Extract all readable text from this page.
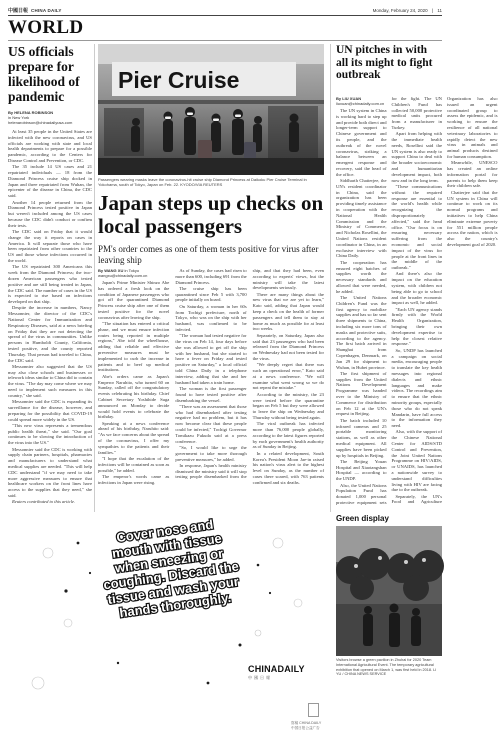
中國日報 CHINA DAILY	Monday, February 24, 2020 | 11
WORLD
US officials prepare for likelihood of pandemic
By HELENA ROBINSON
in New York
helenarobinson@chinadailyusa.com

At least 35 people in the United States are infected with the new coronavirus, and US officials are working with state and local health departments to prepare for a possible pandemic, according to the Centers for Disease Control and Prevention, or CDC.

The 35 include 14 US cases and 21 repatriated individuals — 18 from the Diamond Princess cruise ship docked in Japan and three repatriated from Wuhan, the epicenter of the disease in China, the CDC said.

Another 14 people returned from the Diamond Princess tested positive in Japan but weren't included among the US cases because the CDC didn't conduct or confirm their tests.

The CDC said on Friday that it would change the way it reports on cases in America. It will separate those who have been repatriated from other countries to the US and those whose infections occurred in the world.

The US repatriated 300 Americans this week from the Diamond Princess; the two-dozen American passengers who tested positive and are still being treated in Japan, the CDC said. The number of cases in the US is expected to rise based on infections developed on that ship.

Despite the increase in numbers, Nancy Messonnier, the director of the CDC's National Center for Immunization and Respiratory Diseases, said at a news briefing on Friday that they are not detecting the spread of the virus in communities. Unlike persons in Humboldt County, California, tested positive, and the county reported Thursday. That person had traveled to China, the CDC said.

Messonnier also suggested that the US may also close schools and businesses or telework ideas similar to China did to contain the virus. "The day may come where we may need to implement such measures in this country," she said.

Messonnier said the CDC is expanding its surveillance for the disease, however, and preparing for the possibility that COVID-19 could spread more widely in the US.

"This new virus represents a tremendous public health threat," she said. "Our goal continues to be slowing the introduction of the virus into the US."

Messonnier said the CDC is working with supply chain partners, hospitals, pharmacies and manufacturers to understand what medical supplies are needed. "This will help CDC understand "if we may need to take more aggressive measures to ensure that healthcare workers on the front lines have access to the supplies that they need," she said.

Reuters contributed to this article.

Pier Cruise
Passengers wearing masks leave the coronavirus-hit cruise ship Diamond Princess at Daikoku Pier Cruise Terminal in Yokohama, south of Tokyo, Japan on Feb. 22. KYODO/VIA REUTERS
Japan steps up checks on local passengers
PM's order comes as one of them tests positive for virus after leaving ship
By WANG XU in Tokyo
wangxu@chinadaily.com.cn

Japan's Prime Minister Shinzo Abe has ordered a fresh look on the condition of Japanese passengers who got off the quarantined Diamond Princess cruise ship after one of them tested positive for the novel coronavirus after leaving the ship.

"The situation has entered a critical phase, and we must ensure infection routes being reported in multiple regions," Abe told the wheelhouse, adding that reliable and effective preventive measures must be implemented to curb the increase in patients and to beef up medical institutions.

Abe's orders came as Japan's Emperor Naruhito, who turned 60 on Sunday, called off the congratulatory events celebrating his birthday. Chief Cabinet Secretary Yoshihide Suga announced on Monday to decide would hold events to celebrate the birthday.

Speaking at a news conference ahead of his birthday, Naruhito said: "As we face concerns about the spread of the coronavirus, I offer my sympathies to the patients and their families."

"I hope that the escalation of the infections will be contained as soon as possible," he added.

The emperor's words came as infections in Japan were rising.

As of Sunday, the cases had risen to more than 600, including 691 from the Diamond Princess.

The cruise ship has been quarantined since Feb 5 with 3,700 people initially on board.

On Saturday, a woman in her 60s from Tochigi prefecture, north of Tokyo, who was on the ship with her husband, was confirmed to be infected.

"The woman had tested negative for the virus on Feb 14, four days before she was allowed to get off the ship with her husband, but she started to have a fever on Friday and tested positive on Saturday," a local official told China Daily in a telephone interview, adding that she and her husband had taken a train home.

The woman is the first passenger found to have tested positive after disembarking the vessel.

"There was an assessment that those who had disembarked after testing negative had no problem, but it has now become clear that these people could be infected," Tochigi Governor Tomikazu Fukuda said at a press conference.

"So, I would like to urge the government to take more thorough preventive measures," he added.

In response, Japan's health ministry dismissed the ministry said it will stop testing people disembarked from the ship, and that they had been, even according to experts' views, but the ministry will take the latest developments seriously.

There are many things about the new virus that we are yet to learn," Kato said, adding that Japan would keep a check on the health of former passengers and tell them to stay at home as much as possible for at least two weeks.

Separately, on Saturday, Japan also said that 23 passengers who had been released from the Diamond Princess on Wednesday had not been tested for the virus.

"We deeply regret that there was such an operational error," Kato said at a news conference. "We will examine what went wrong so we do not repeat the mistake."

According to the ministry, the 23 were tested before the quarantine began on Feb 5 but they were allowed to leave the ship on Wednesday and Thursday without being tested again.

The viral outbreak has infected more than 76,000 people globally, according to the latest figures reported by each government's health authority as of Sunday in Beijing.

In a related development, South Korea's President Moon Jae-in raised his nation's virus alert to the highest level on Sunday, as the number of cases there soared, with 763 patients confirmed and six deaths.

UN pitches in with all its might to fight outbreak
By LIU XUAN
liuxuan@chinadaily.com.cn

The UN system in China is working hard to step up and provide both direct and longer-term support to Chinese government and its people, and the outbreak of the novel coronavirus, striking a balance between an emergent response and recovery, said the head of the office.

Siddharth Chatterjee, the UN's resident coordinator in China, said the organization has been providing timely assistance in cooperation with the National Health Commission and the Ministry of Commerce, and Nicholas Rosellini, the United Nations resident coordinator in China, in an exclusive interview with China Daily.

The cooperation has ensured eight batches of supplies worth the necessary standards and allowed that were needed, he added.

The United Nations Children's Fund was the first agency to mobilize supplies and has so far sent three shipments to China, including six more tons of masks and protective suits, according to the agency. The first batch arrived in Shanghai from Copenhagen, Denmark, on Jan 29 for shipment to Wuhan, in Hubei province.

The first shipment of supplies from the United Nations Development Programme was handed over to the Ministry of Commerce for distribution on Feb 12 at the UN's request in Beijing.

The batch included 10 infrared cameras and 25 portable monitoring stations, as well as other medical equipment. All supplies have been picked up by hospitals in Beijing.

The Beijing Youan Hospital and Xiaotangshan Hospital — according to the UNDP.

Also, the United Nations Population Fund has donated 1,000 personal protective equipment sets for the fight. The UN Children's Fund has collected 50,000 protective medical units procured from a manufacturer in Turkey.

Apart from helping with the immediate health needs, Rosellini said the UN system is also ready to support China to deal with the broader socioeconomic and humanitarian development impact, both now and in the long term.

"These communications without the required response are essential to the world's health while recognizing the disproportionately affected," said the head office. "Our focus is on ensuring necessary suffering from the economic and social impact of the virus for people at the front lines in the middle of the outbreak."

And there's also the impact on the education system, with children not being able to go to school and the broader economic impact as well, he added.

"Each UN agency stands firmly with the World Health Organization, bringing their own development expertise to help the closest relative response."

So, UNDP has launched a campaign on social media, encouraging people to translate the key health messages into regional dialects and ethnic languages and make videos. The recordings aim to ensure that the ethnic minority groups, especially those who do not speak Mandarin, have full access to the information they need.

Also, with the support of the Chinese National Center for AIDS/STD Control and Prevention, the Joint United Nations Programme on HIV/AIDS, or UNAIDS, has launched a nationwide survey to understand difficulties living with HIV are facing due to the outbreak.

Separately, the UN's Food and Agriculture Organization has also issued an urgent coordinated group to assess the epidemic, and is working to ensure the resilience of all national veterinary laboratories to rapidly detect the new virus in animals and animal products destined for human consumption.

Meanwhile, UNESCO has created an online information portal for parents to help them keep their children safe.

Chatterjee said that the UN system in China will continue to work on its normal programs and initiatives to help China eliminate extreme poverty for 551 million people across the nation, which is also the country's development goal of 2020.

Green display
Visitors browse a green pavilion in Zhuhai for 2020 Team International Agricultural Event. The temporary agricultural exhibition that opened on March 1, was first held in 2018. LI YU / CHINA NEWS SERVICE
Cover nose and mouth with tissue when sneezing or coughing. Discard the tissue and wash your hands thoroughly.
CHINADAILY
中國日報
寫稿 CHINA DAILY
中国日报公益广告
